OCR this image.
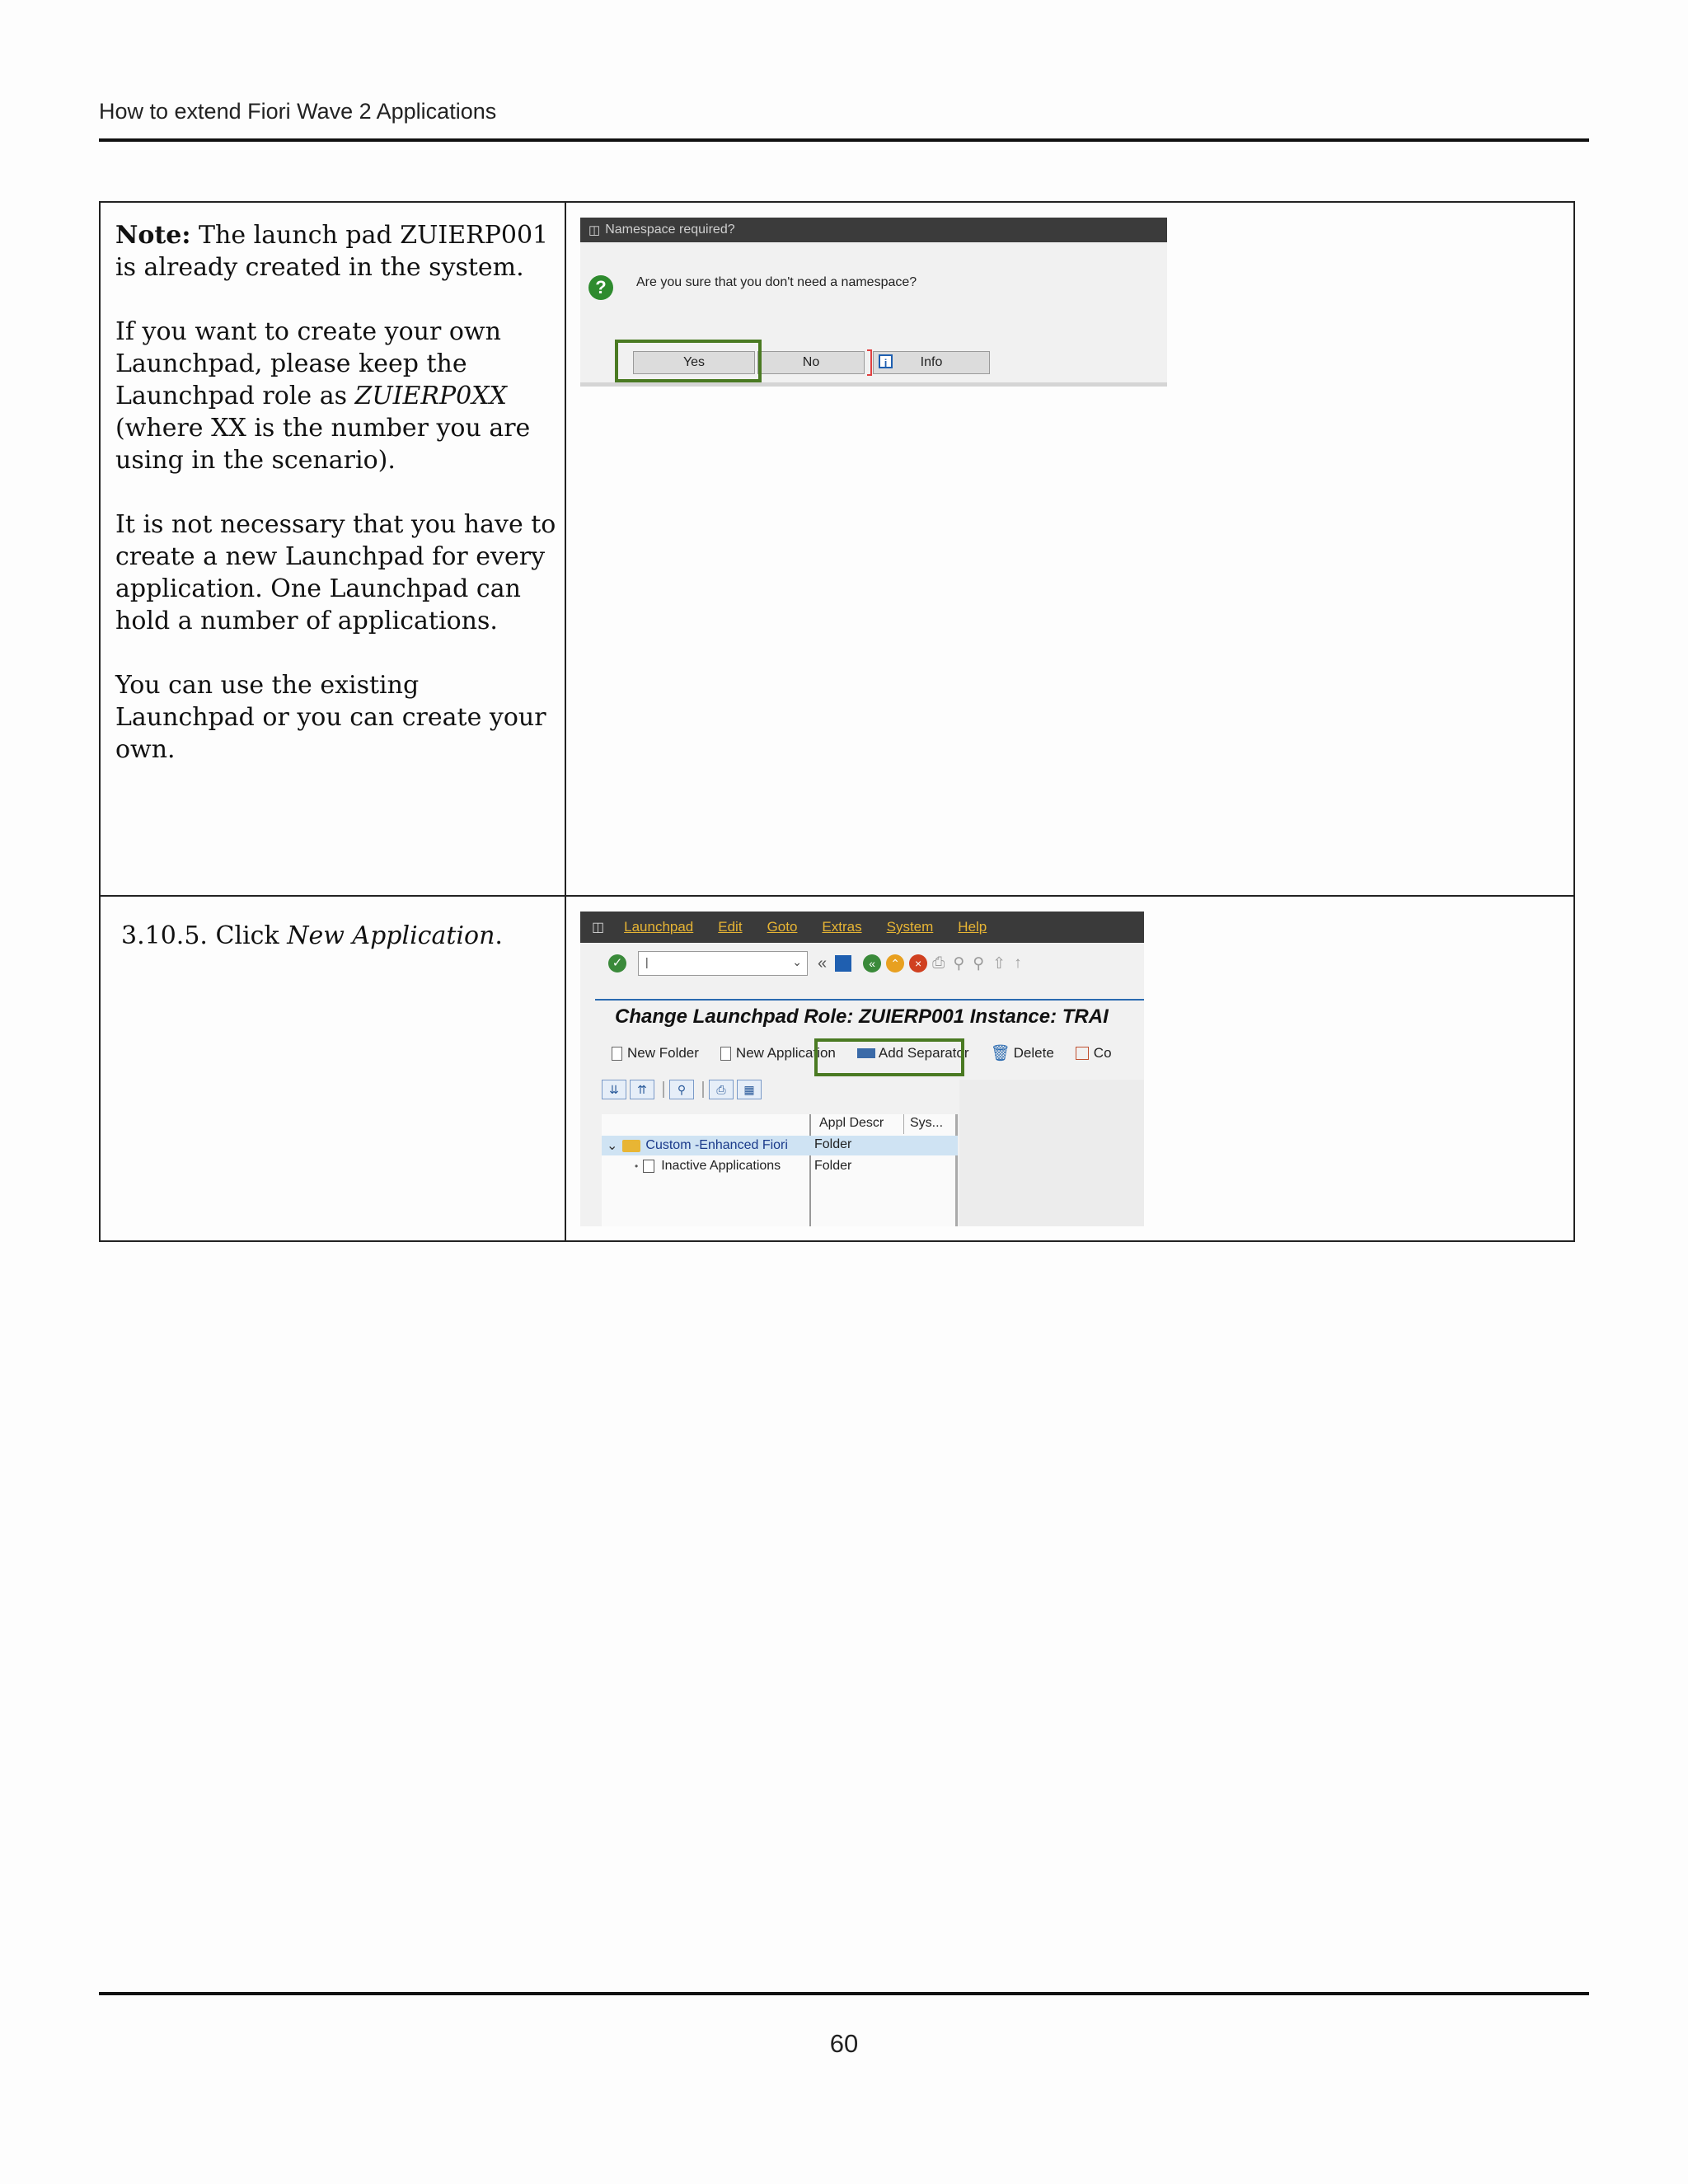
How to extend Fiori Wave 2 Applications

Note: The launch pad ZUIERP001 is already created in the system.

If you want to create your own Launchpad, please keep the Launchpad role as ZUIERP0XX (where XX is the number you are using in the scenario).

It is not necessary that you have to create a new Launchpad for every application. One Launchpad can hold a number of applications.

You can use the existing Launchpad or you can create your own.

◫ Namespace required?
?	Are you sure that you don't need a namespace?
Yes	No	Info
i
3.10.5. Click New Application.	◫ Launchpad Edit Goto Extras System Help
✓	|	⌄ «	«	⌃	× ⎙ ⚲ ⚲ ⇧ ↑
Change Launchpad Role: ZUIERP001 Instance: TRAI
New Folder	New Application	Add Separator 🗑 Delete	Co
⇊	⇈	⚲	⎙	▦
Appl Descr Sys...
⌄ Custom -Enhanced Fiori Folder
• Inactive Applications	Folder
60
